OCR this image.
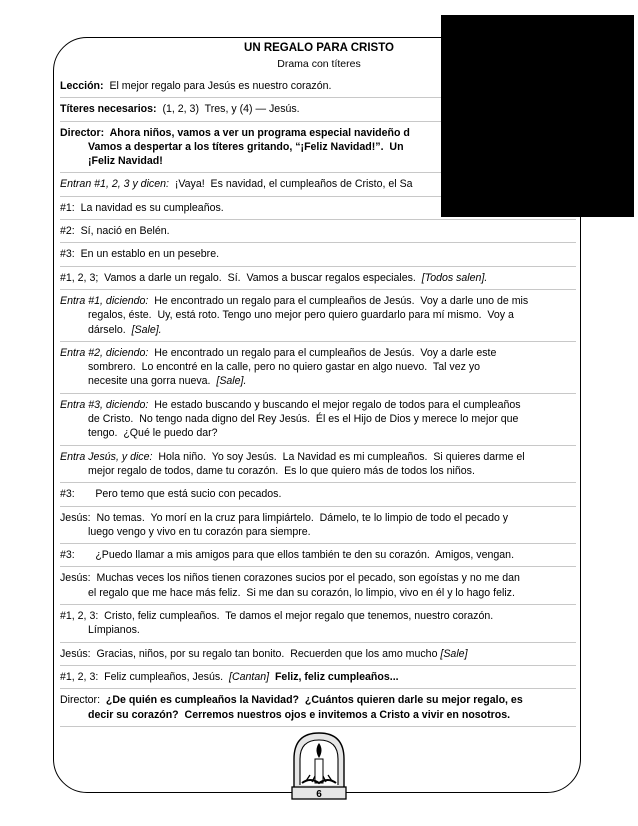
UN REGALO PARA CRISTO
Drama con títeres
Lección:  El mejor regalo para Jesús es nuestro corazón.
Títeres necesarios:  (1, 2, 3)  Tres, y (4) — Jesús.
Director:  Ahora niños, vamos a ver un programa especial navideño d
Vamos a despertar a los títeres gritando, “¡Feliz Navidad!”.  Un
¡Feliz Navidad!
Entran #1, 2, 3 y dicen:  ¡Vaya!  Es navidad, el cumpleaños de Cristo, el Sa
#1:  La navidad es su cumpleaños.
#2:  Sí, nació en Belén.
#3:  En un establo en un pesebre.
#1, 2, 3;  Vamos a darle un regalo.  Sí.  Vamos a buscar regalos especiales.  [Todos salen].
Entra #1, diciendo:  He encontrado un regalo para el cumpleaños de Jesús.  Voy a darle uno de mis
regalos, éste.  Uy, está roto. Tengo uno mejor pero quiero guardarlo para mí mismo.  Voy a
dárselo.  [Sale].
Entra #2, diciendo:  He encontrado un regalo para el cumpleaños de Jesús.  Voy a darle este
sombrero.  Lo encontré en la calle, pero no quiero gastar en algo nuevo.  Tal vez yo
necesite una gorra nueva.  [Sale].
Entra #3, diciendo:  He estado buscando y buscando el mejor regalo de todos para el cumpleaños
de Cristo.  No tengo nada digno del Rey Jesús.  Él es el Hijo de Dios y merece lo mejor que
tengo.  ¿Qué le puedo dar?
Entra Jesús, y dice:  Hola niño.  Yo soy Jesús.  La Navidad es mi cumpleaños.  Si quieres darme el
mejor regalo de todos, dame tu corazón.  Es lo que quiero más de todos los niños.
#3:       Pero temo que está sucio con pecados.
Jesús:  No temas.  Yo morí en la cruz para limpiártelo.  Dámelo, te lo limpio de todo el pecado y
luego vengo y vivo en tu corazón para siempre.
#3:       ¿Puedo llamar a mis amigos para que ellos también te den su corazón.  Amigos, vengan.
Jesús:  Muchas veces los niños tienen corazones sucios por el pecado, son egoístas y no me dan
el regalo que me hace más feliz.  Si me dan su corazón, lo limpio, vivo en él y lo hago feliz.
#1, 2, 3:  Cristo, feliz cumpleaños.  Te damos el mejor regalo que tenemos, nuestro corazón.
Límpianos.
Jesús:  Gracias, niños, por su regalo tan bonito.  Recuerden que los amo mucho [Sale]
#1, 2, 3:  Feliz cumpleaños, Jesús.  [Cantan] Feliz, feliz cumpleaños...
Director:  ¿De quién es cumpleaños la Navidad?  ¿Cuántos quieren darle su mejor regalo, es
decir su corazón?  Cerremos nuestros ojos e invitemos a Cristo a vivir en nosotros.
6
